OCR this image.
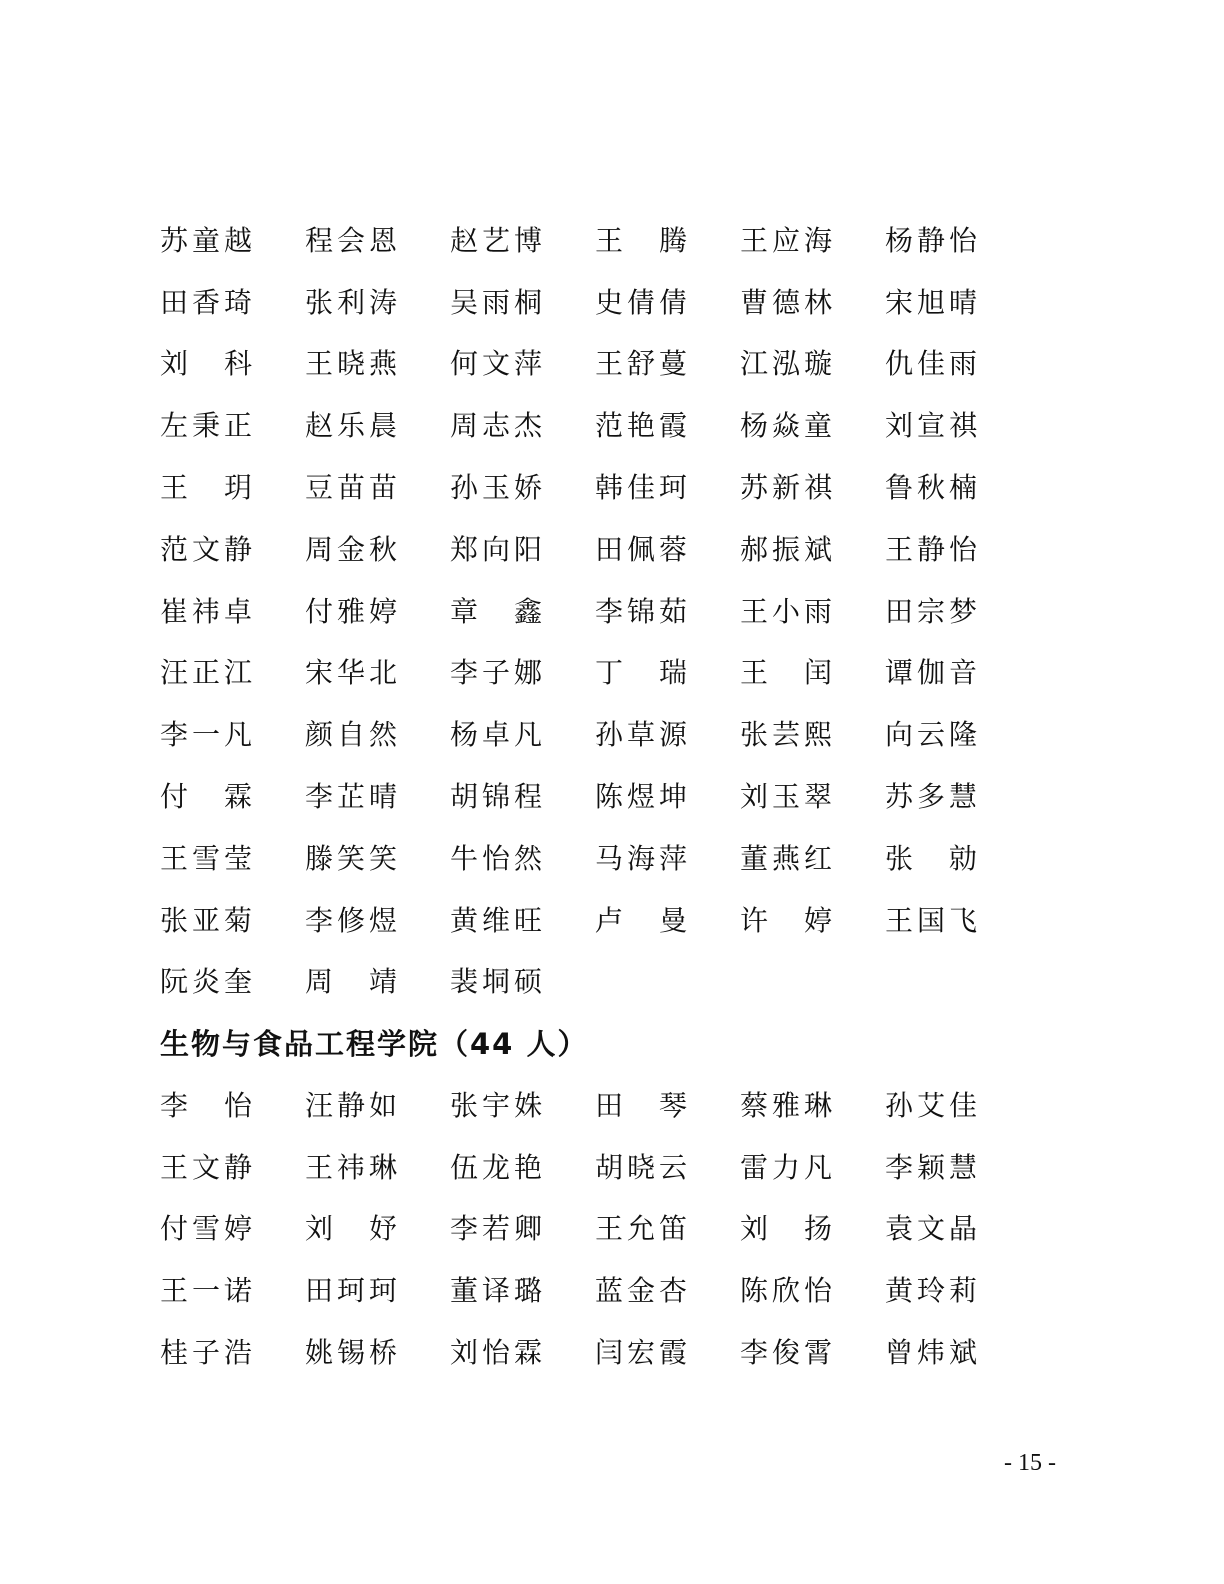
苏童越 程会恩 赵艺博 王　腾 王应海 杨静怡
田香琦 张利涛 吴雨桐 史倩倩 曹德林 宋旭晴
刘　科 王晓燕 何文萍 王舒蔓 江泓璇 仇佳雨
左秉正 赵乐晨 周志杰 范艳霞 杨焱童 刘宣祺
王　玥 豆苗苗 孙玉娇 韩佳珂 苏新祺 鲁秋楠
范文静 周金秋 郑向阳 田佩蓉 郝振斌 王静怡
崔祎卓 付雅婷 章　鑫 李锦茹 王小雨 田宗梦
汪正江 宋华北 李子娜 丁　瑞 王　闰 谭伽音
李一凡 颜自然 杨卓凡 孙草源 张芸熙 向云隆
付　霖 李芷晴 胡锦程 陈煜坤 刘玉翠 苏多慧
王雪莹 滕笑笑 牛怡然 马海萍 董燕红 张　勍
张亚菊 李修煜 黄维旺 卢　曼 许　婷 王国飞
阮炎奎 周　靖 裴垌硕
生物与食品工程学院（44 人）
李　怡 汪静如 张宇姝 田　琴 蔡雅琳 孙艾佳
王文静 王祎琳 伍龙艳 胡晓云 雷力凡 李颖慧
付雪婷 刘　妤 李若卿 王允笛 刘　扬 袁文晶
王一诺 田珂珂 董译璐 蓝金杏 陈欣怡 黄玲莉
桂子浩 姚锡桥 刘怡霖 闫宏霞 李俊霄 曾炜斌
- 15 -
